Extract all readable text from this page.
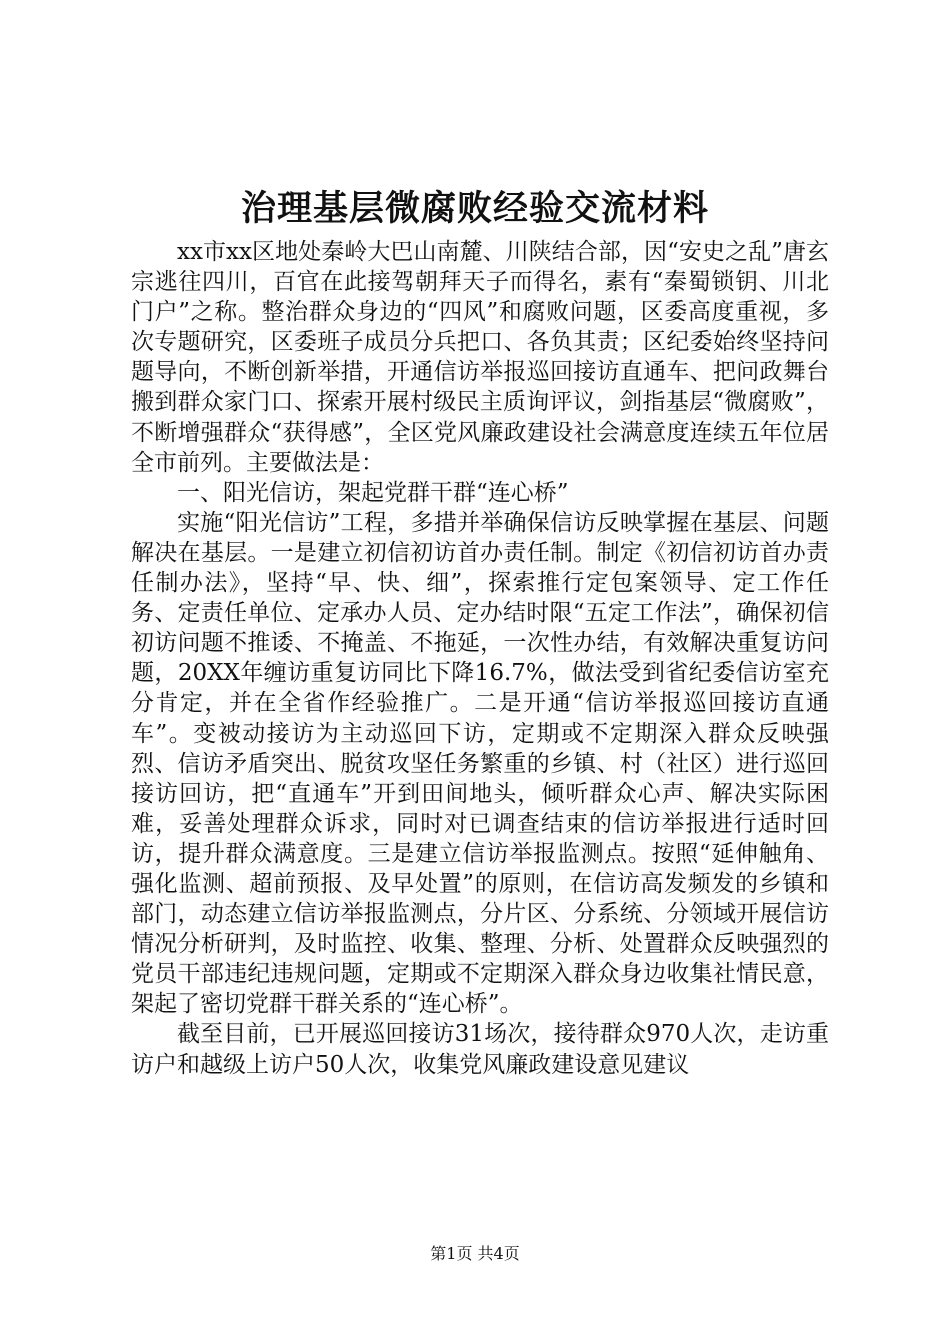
治理基层微腐败经验交流材料

xx市xx区地处秦岭大巴山南麓、川陕结合部，因“安史之乱”唐玄宗逃往四川，百官在此接驾朝拜天子而得名，素有“秦蜀锁钥、川北门户”之称。整治群众身边的“四风”和腐败问题，区委高度重视，多次专题研究，区委班子成员分兵把口、各负其责；区纪委始终坚持问题导向，不断创新举措，开通信访举报巡回接访直通车、把问政舞台搬到群众家门口、探索开展村级民主质询评议，剑指基层“微腐败”，不断增强群众“获得感”，全区党风廉政建设社会满意度连续五年位居全市前列。主要做法是：

一、阳光信访，架起党群干群“连心桥”

实施“阳光信访”工程，多措并举确保信访反映掌握在基层、问题解决在基层。一是建立初信初访首办责任制。制定《初信初访首办责任制办法》，坚持“早、快、细”，探索推行定包案领导、定工作任务、定责任单位、定承办人员、定办结时限“五定工作法”，确保初信初访问题不推诿、不掩盖、不拖延，一次性办结，有效解决重复访问题，20XX年缠访重复访同比下降16.7%，做法受到省纪委信访室充分肯定，并在全省作经验推广。二是开通“信访举报巡回接访直通车”。变被动接访为主动巡回下访，定期或不定期深入群众反映强烈、信访矛盾突出、脱贫攻坚任务繁重的乡镇、村（社区）进行巡回接访回访，把“直通车”开到田间地头，倾听群众心声、解决实际困难，妥善处理群众诉求，同时对已调查结束的信访举报进行适时回访，提升群众满意度。三是建立信访举报监测点。按照“延伸触角、强化监测、超前预报、及早处置”的原则，在信访高发频发的乡镇和部门，动态建立信访举报监测点，分片区、分系统、分领域开展信访情况分析研判，及时监控、收集、整理、分析、处置群众反映强烈的党员干部违纪违规问题，定期或不定期深入群众身边收集社情民意，架起了密切党群干群关系的“连心桥”。

截至目前，已开展巡回接访31场次，接待群众970人次，走访重访户和越级上访户50人次，收集党风廉政建设意见建议

第1页 共4页
